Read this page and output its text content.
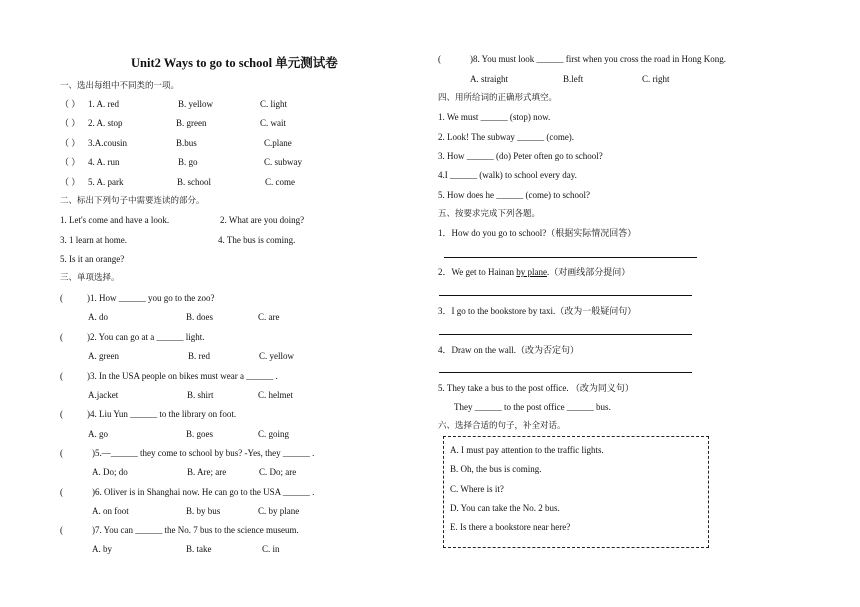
Unit2 Ways to go to school 单元测试卷
一、选出每组中不同类的一项。
（ ） 1. A. red	B. yellow	C. light
（ ） 2. A. stop	B. green	C. wait
（ ） 3.A.cousin	B.bus	C.plane
（ ） 4. A. run	B. go	C. subway
（ ） 5. A. park	B. school	C. come
二、标出下列句子中需要连读的部分。
1. Let's come and have a look.	2. What are you doing?
3. 1 learn at home.	4. The bus is coming.
5. Is it an orange?
三、单项选择。
(	)1. How ______ you go to the zoo?
A. do	B. does	C. are
(	)2. You can go at a ______ light.
A. green	B. red	C. yellow
(	)3. In the USA people on bikes must wear a ______ .
A.jacket	B. shirt	C. helmet
(	)4. Liu Yun ______ to the library on foot.
A. go	B. goes	C. going
(	)5.—______ they come to school by bus? -Yes, they ______ .
A. Do; do	B. Are; are	C. Do; are
(	)6. Oliver is in Shanghai now. He can go to the USA ______ .
A. on foot	B. by bus	C. by plane
(	)7. You can ______ the No. 7 bus to the science museum.
A. by	B. take	C. in
(	)8. You must look ______ first when you cross the road in Hong Kong.
A. straight	B.left	C. right
四、用所给词的正确形式填空。
1. We must ______ (stop) now.
2. Look! The subway ______ (come).
3. How ______ (do) Peter often go to school?
4.I ______ (walk) to school every day.
5. How does he ______ (come) to school?
五、按要求完成下列各题。
1．How do you go to school?（根据实际情况回答）
2．We get to Hainan by plane.（对画线部分提问）
3．I go to the bookstore by taxi.（改为一般疑问句）
4．Draw on the wall.（改为否定句）
5. They take a bus to the post office. （改为同义句）
They ______ to the post office ______ bus.
六、选择合适的句子，补全对话。
A. I must pay attention to the traffic lights.
B. Oh, the bus is coming.
C. Where is it?
D. You can take the No. 2 bus.
E. Is there a bookstore near here?
